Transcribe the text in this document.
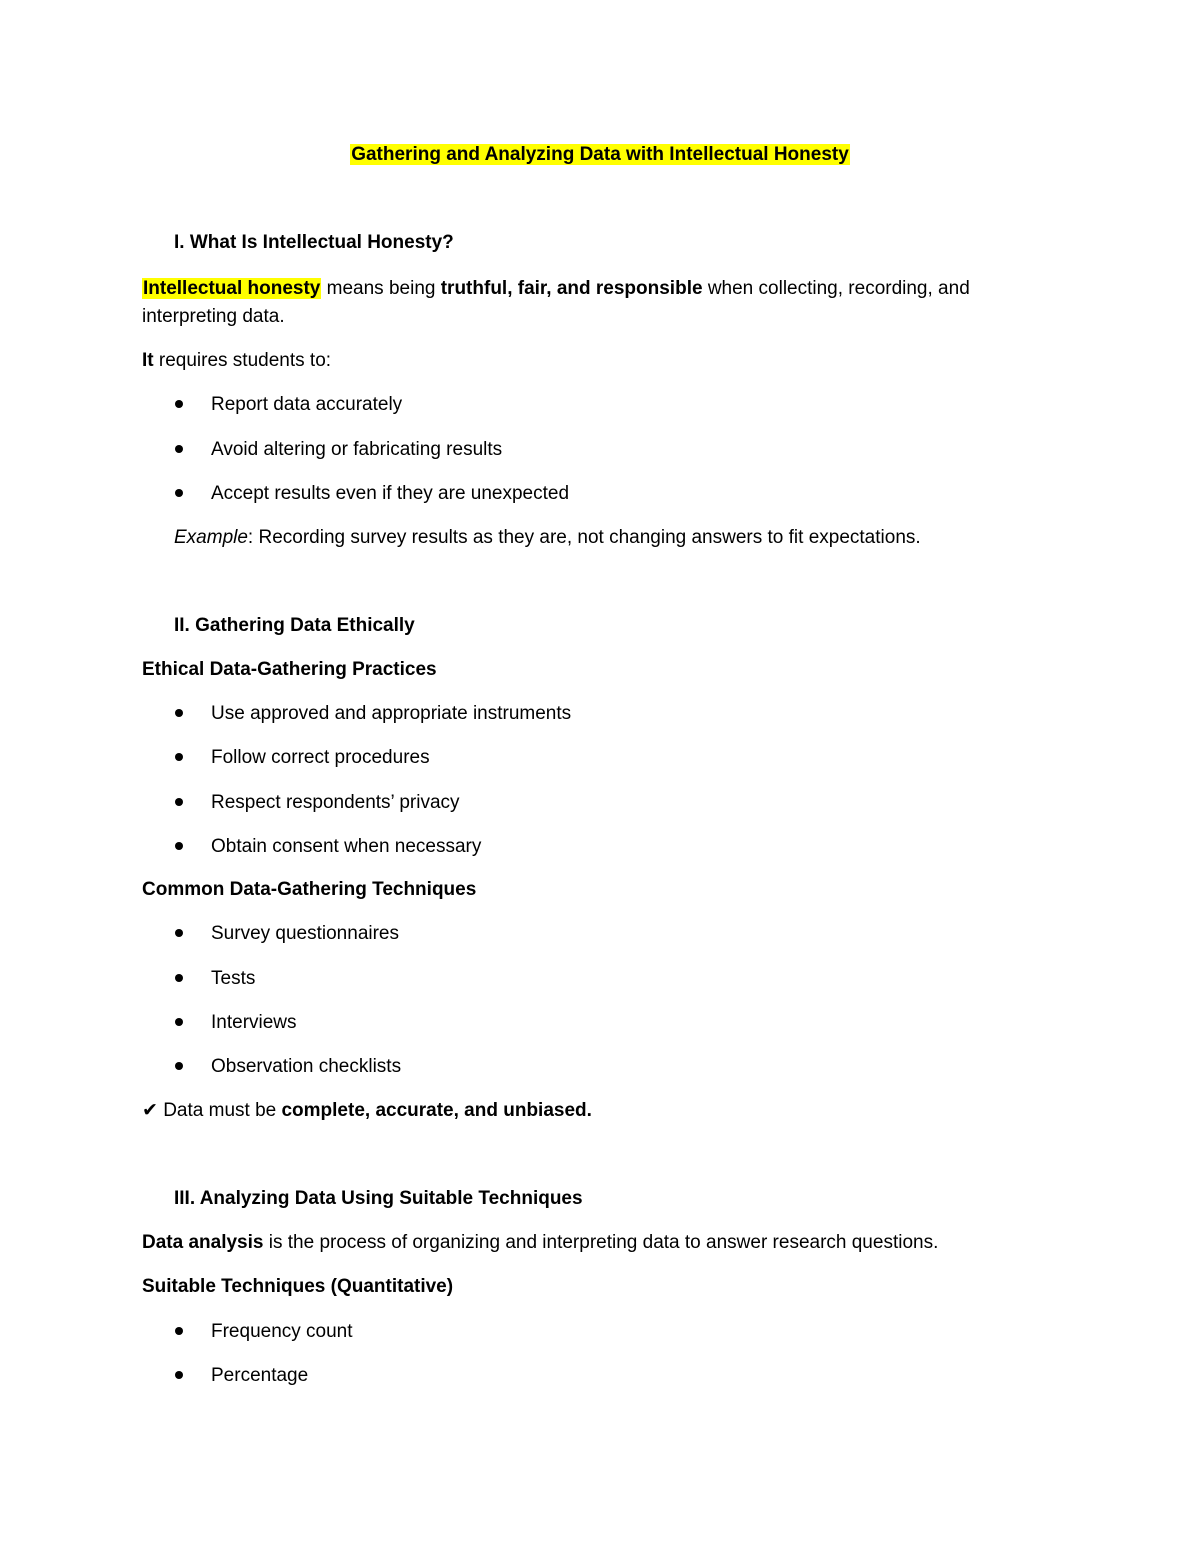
Gathering and Analyzing Data with Intellectual Honesty
I. What Is Intellectual Honesty?
Intellectual honesty means being truthful, fair, and responsible when collecting, recording, and
interpreting data.
It requires students to:
Report data accurately
Avoid altering or fabricating results
Accept results even if they are unexpected
Example: Recording survey results as they are, not changing answers to fit expectations.
II. Gathering Data Ethically
Ethical Data-Gathering Practices
Use approved and appropriate instruments
Follow correct procedures
Respect respondents’ privacy
Obtain consent when necessary
Common Data-Gathering Techniques
Survey questionnaires
Tests
Interviews
Observation checklists
✔ Data must be complete, accurate, and unbiased.
III. Analyzing Data Using Suitable Techniques
Data analysis is the process of organizing and interpreting data to answer research questions.
Suitable Techniques (Quantitative)
Frequency count
Percentage
